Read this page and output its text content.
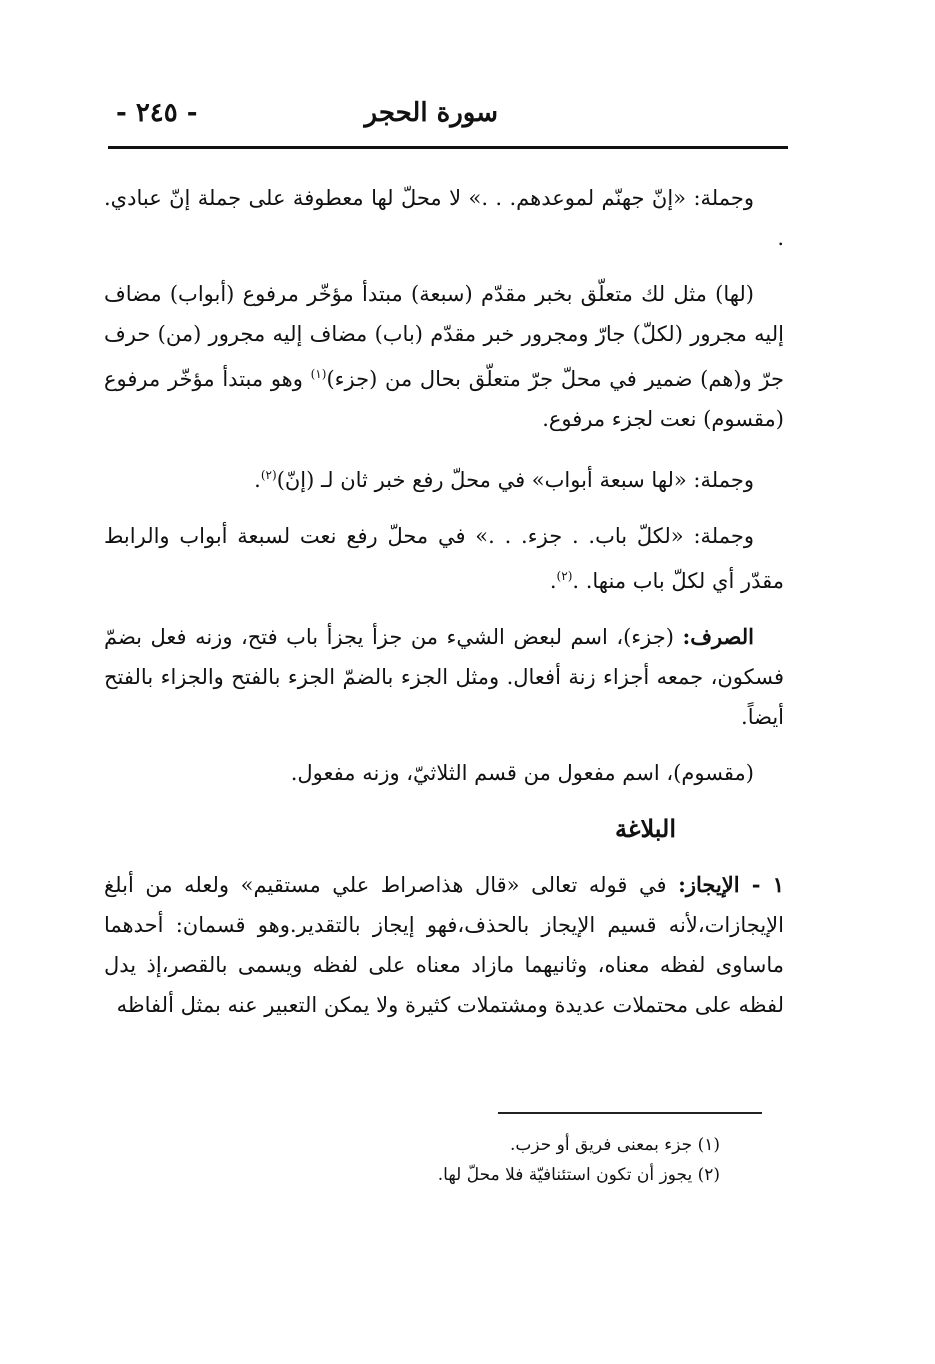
سورة الحجر
- ٢٤٥ -

وجملة: «إنّ جهنّم لموعدهم. . .» لا محلّ لها معطوفة على جملة إنّ عبادي. .

(لها) مثل لك متعلّق بخبر مقدّم (سبعة) مبتدأ مؤخّر مرفوع (أبواب) مضاف إليه مجرور (لكلّ) جارّ ومجرور خبر مقدّم (باب) مضاف إليه مجرور (من) حرف جرّ و(هم) ضمير في محلّ جرّ متعلّق بحال من (جزء)$^{(١)}$ وهو مبتدأ مؤخّر مرفوع (مقسوم) نعت لجزء مرفوع.

وجملة: «لها سبعة أبواب» في محلّ رفع خبر ثان لـ (إنّ)$^{(٢)}$.

وجملة: «لكلّ باب. . جزء. . .» في محلّ رفع نعت لسبعة أبواب والرابط مقدّر أي لكلّ باب منها. .$^{(٢)}$.

الصرف: (جزء)، اسم لبعض الشيء من جزأ يجزأ باب فتح، وزنه فعل بضمّ فسكون، جمعه أجزاء زنة أفعال. ومثل الجزء بالضمّ الجزء بالفتح والجزاء بالفتح أيضاً.

(مقسوم)، اسم مفعول من قسم الثلاثيّ، وزنه مفعول.

البلاغة

١ - الإيجاز: في قوله تعالى «قال هذاصراط علي مستقيم» ولعله من أبلغ الإيجازات،لأنه قسيم الإيجاز بالحذف،فهو إيجاز بالتقدير.وهو قسمان: أحدهما ماساوى لفظه معناه، وثانيهما مازاد معناه على لفظه ويسمى بالقصر،إذ يدل لفظه على محتملات عديدة ومشتملات كثيرة ولا يمكن التعبير عنه بمثل ألفاظه

(١) جزء بمعنى فريق أو حزب.

(٢) يجوز أن تكون استئنافيّة فلا محلّ لها.
